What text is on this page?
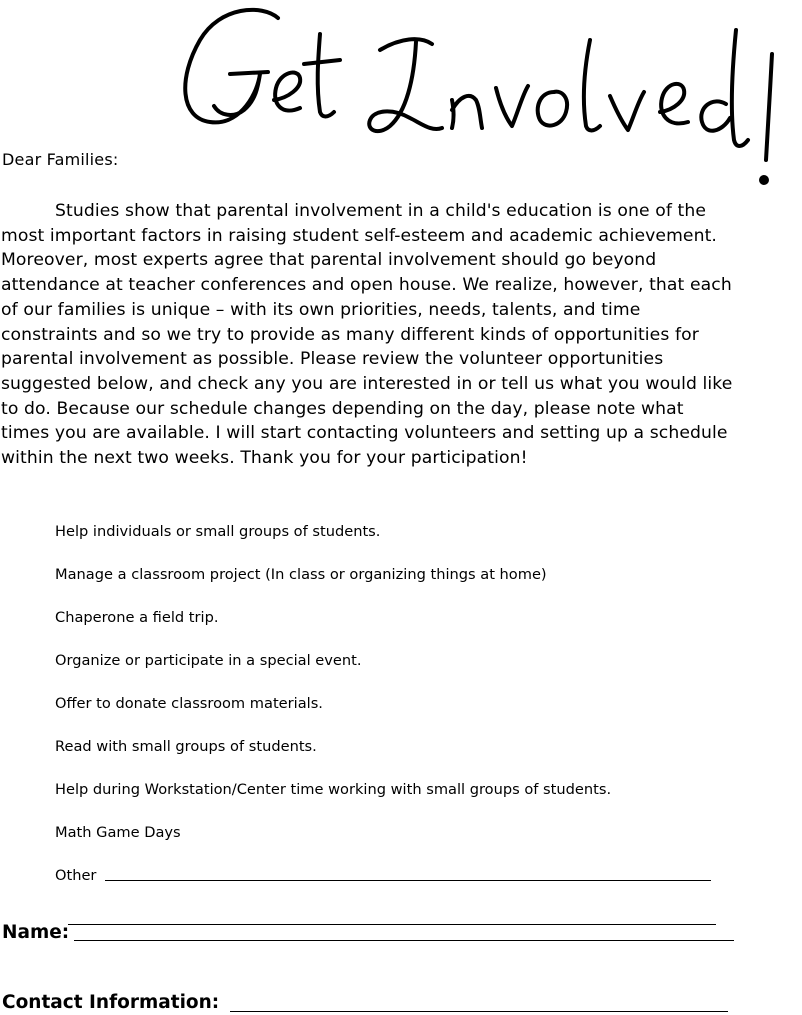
Dear Families:

Studies show that parental involvement in a child's education is one of the most important factors in raising student self-esteem and academic achievement. Moreover, most experts agree that parental involvement should go beyond attendance at teacher conferences and open house. We realize, however, that each of our families is unique – with its own priorities, needs, talents, and time constraints and so we try to provide as many different kinds of opportunities for parental involvement as possible. Please review the volunteer opportunities suggested below, and check any you are interested in or tell us what you would like to do. Because our schedule changes depending on the day, please note what times you are available. I will start contacting volunteers and setting up a schedule within the next two weeks. Thank you for your participation!

Help individuals or small groups of students.
Manage a classroom project (In class or organizing things at home)
Chaperone a field trip.
Organize or participate in a special event.
Offer to donate classroom materials.
Read with small groups of students.
Help during Workstation/Center time working with small groups of students.
Math Game Days
Other
Name:
Contact Information:
